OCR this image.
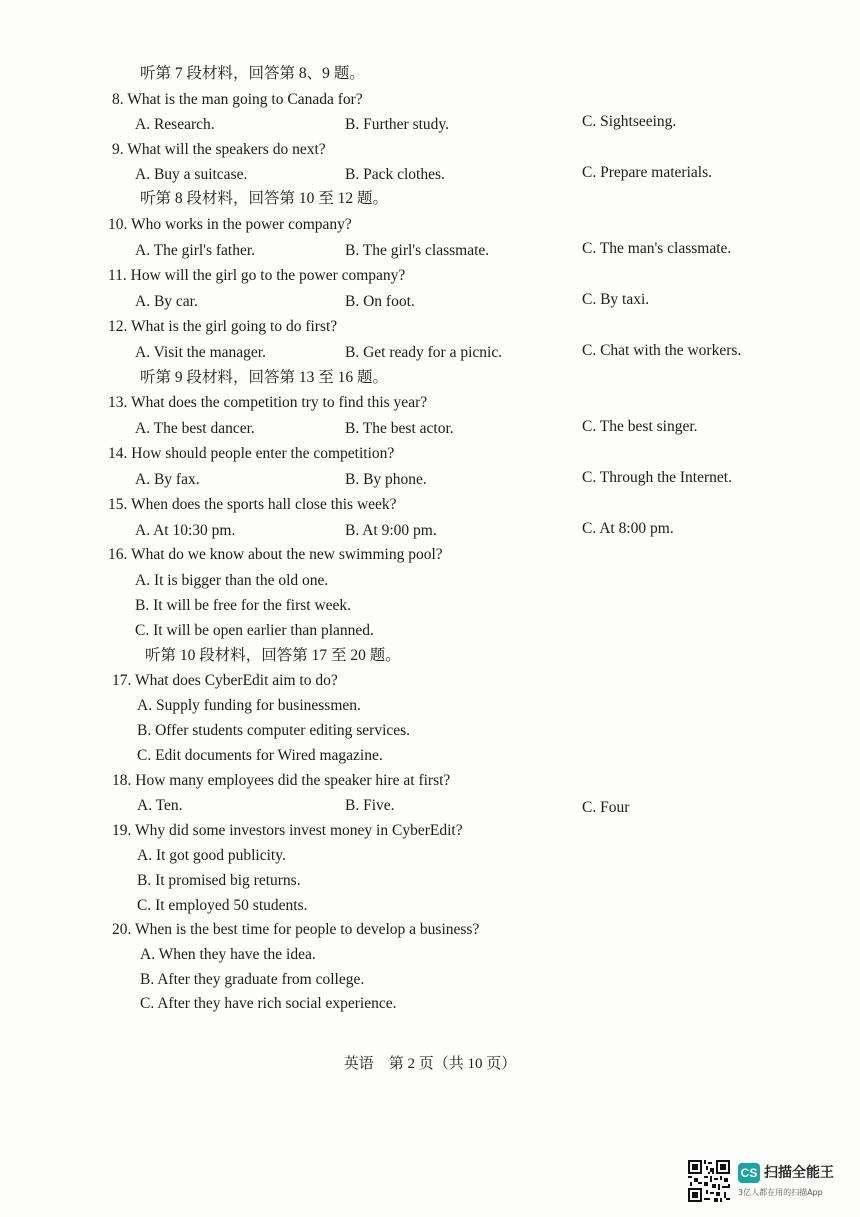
听第 7 段材料，回答第 8、9 题。
8. What is the man going to Canada for?
A. Research.	B. Further study.	C. Sightseeing.
9. What will the speakers do next?
A. Buy a suitcase.	B. Pack clothes.	C. Prepare materials.
听第 8 段材料，回答第 10 至 12 题。
10. Who works in the power company?
A. The girl's father.	B. The girl's classmate.	C. The man's classmate.
11. How will the girl go to the power company?
A. By car.	B. On foot.	C. By taxi.
12. What is the girl going to do first?
A. Visit the manager.	B. Get ready for a picnic.	C. Chat with the workers.
听第 9 段材料，回答第 13 至 16 题。
13. What does the competition try to find this year?
A. The best dancer.	B. The best actor.	C. The best singer.
14. How should people enter the competition?
A. By fax.	B. By phone.	C. Through the Internet.
15. When does the sports hall close this week?
A. At 10:30 pm.	B. At 9:00 pm.	C. At 8:00 pm.
16. What do we know about the new swimming pool?
A. It is bigger than the old one.
B. It will be free for the first week.
C. It will be open earlier than planned.
听第 10 段材料，回答第 17 至 20 题。
17. What does CyberEdit aim to do?
A. Supply funding for businessmen.
B. Offer students computer editing services.
C. Edit documents for Wired magazine.
18. How many employees did the speaker hire at first?
A. Ten.	B. Five.	C. Four
19. Why did some investors invest money in CyberEdit?
A. It got good publicity.
B. It promised big returns.
C. It employed 50 students.
20. When is the best time for people to develop a business?
A. When they have the idea.
B. After they graduate from college.
C. After they have rich social experience.
英语　第 2 页（共 10 页）
CS 扫描全能王
3亿人都在用的扫描App
